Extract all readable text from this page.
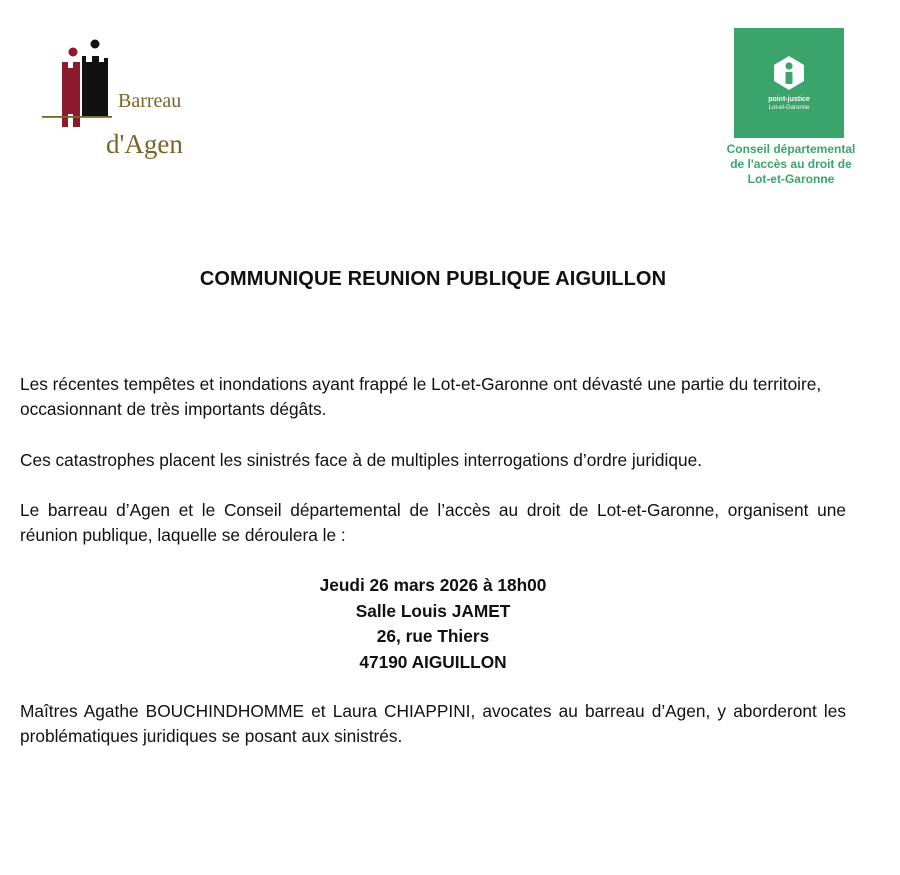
Barreau
d'Agen
point-justice
Lot-et-Garonne
Conseil départemental
de l'accès au droit de
Lot-et-Garonne
COMMUNIQUE REUNION PUBLIQUE AIGUILLON

Les récentes tempêtes et inondations ayant frappé le Lot-et-Garonne ont dévasté une partie du territoire, occasionnant de très importants dégâts.

Ces catastrophes placent les sinistrés face à de multiples interrogations d’ordre juridique.

Le barreau d’Agen et le Conseil départemental de l’accès au droit de Lot-et-Garonne, organisent une réunion publique, laquelle se déroulera le :

Jeudi 26 mars 2026 à 18h00
Salle Louis JAMET
26, rue Thiers
47190 AIGUILLON

Maîtres Agathe BOUCHINDHOMME et Laura CHIAPPINI, avocates au barreau d’Agen, y aborderont les problématiques juridiques se posant aux sinistrés.
